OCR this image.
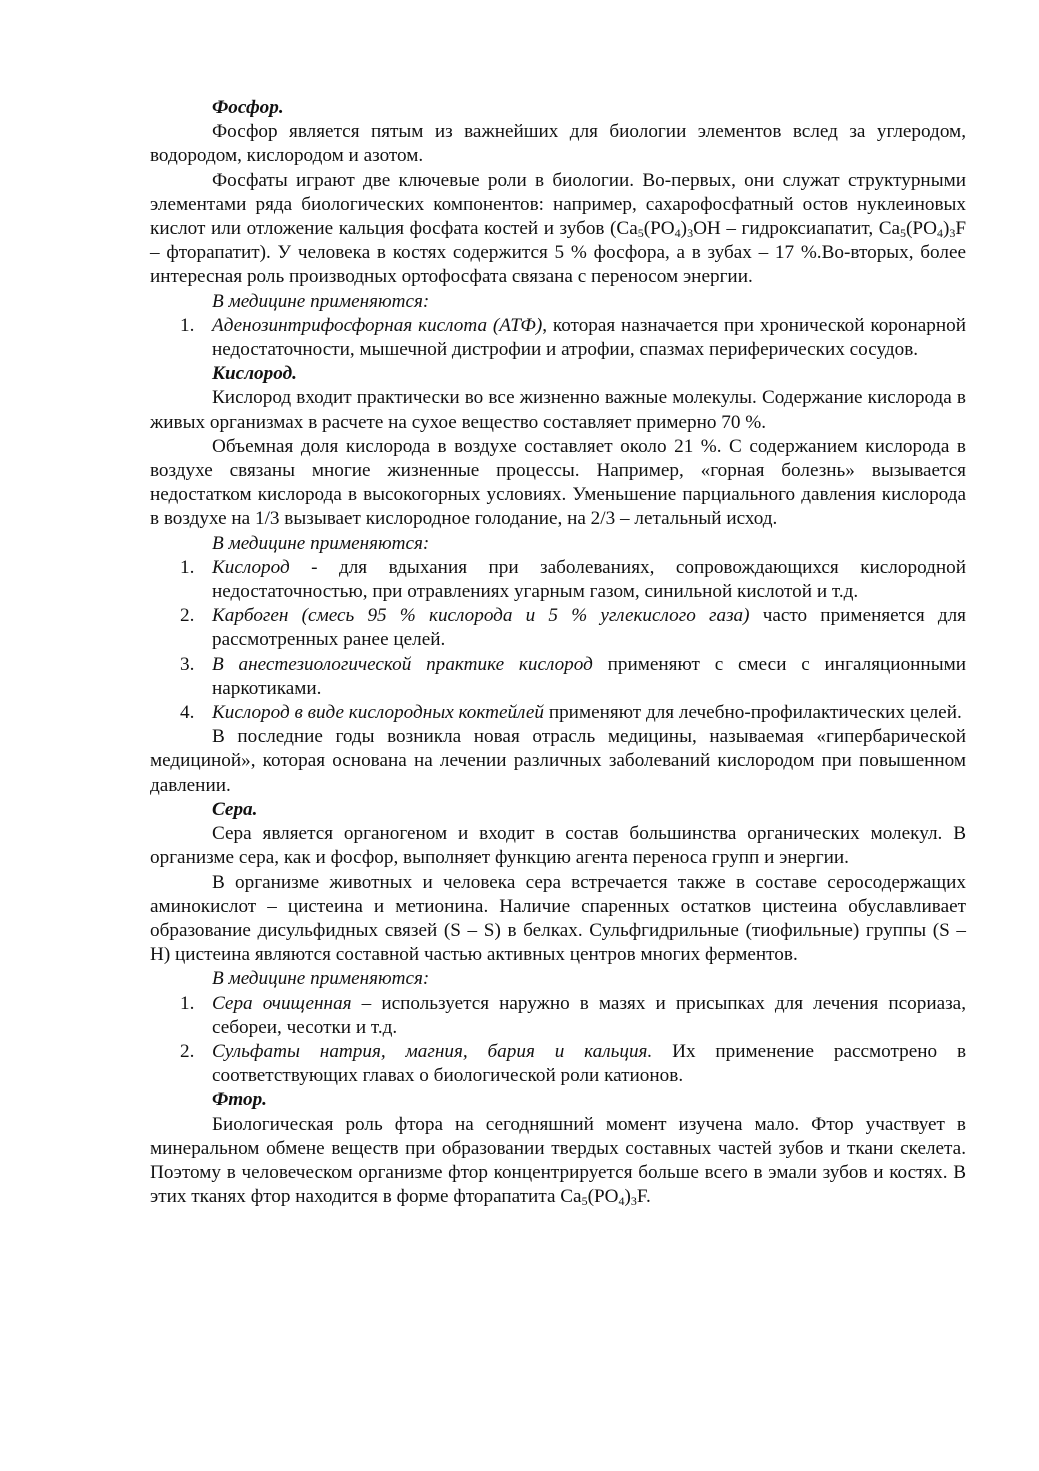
Фосфор.

Фосфор является пятым из важнейших для биологии элементов вслед за углеродом, водородом, кислородом и азотом.

Фосфаты играют две ключевые роли в биологии. Во-первых, они служат структурными элементами ряда биологических компонентов: например, сахарофосфатный остов нуклеиновых кислот или отложение кальция фосфата костей и зубов ($Ca_5(PO_4)_3OH$ – гидроксиапатит, $Ca_5(PO_4)_3F$ – фторапатит). У человека в костях содержится 5 % фосфора, а в зубах – 17 %.Во-вторых, более интересная роль производных ортофосфата связана с переносом энергии.

В медицине применяются:

1. Аденозинтрифосфорная кислота (АТФ), которая назначается при хронической коронарной недостаточности, мышечной дистрофии и атрофии, спазмах периферических сосудов.

Кислород.

Кислород входит практически во все жизненно важные молекулы. Содержание кислорода в живых организмах в расчете на сухое вещество составляет примерно 70 %.

Объемная доля кислорода в воздухе составляет около 21 %. С содержанием кислорода в воздухе связаны многие жизненные процессы. Например, «горная болезнь» вызывается недостатком кислорода в высокогорных условиях. Уменьшение парциального давления кислорода в воздухе на 1/3 вызывает кислородное голодание, на 2/3 – летальный исход.

В медицине применяются:

1. Кислород - для вдыхания при заболеваниях, сопровождающихся кислородной недостаточностью, при отравлениях угарным газом, синильной кислотой и т.д.
2. Карбоген (смесь 95 % кислорода и 5 % углекислого газа) часто применяется для рассмотренных ранее целей.
3. В анестезиологической практике кислород применяют с смеси с ингаляционными наркотиками.
4. Кислород в виде кислородных коктейлей применяют для лечебно-профилактических целей.

В последние годы возникла новая отрасль медицины, называемая «гипербарической медициной», которая основана на лечении различных заболеваний кислородом при повышенном давлении.

Сера.

Сера является органогеном и входит в состав большинства органических молекул. В организме сера, как и фосфор, выполняет функцию агента переноса групп и энергии.

В организме животных и человека сера встречается также в составе серосодержащих аминокислот – цистеина и метионина. Наличие спаренных остатков цистеина обуславливает образование дисульфидных связей (S – S) в белках. Сульфгидрильные (тиофильные) группы (S – H) цистеина являются составной частью активных центров многих ферментов.

В медицине применяются:

1. Сера очищенная – используется наружно в мазях и присыпках для лечения псориаза, себореи, чесотки и т.д.
2. Сульфаты натрия, магния, бария и кальция. Их применение рассмотрено в соответствующих главах о биологической роли катионов.

Фтор.

Биологическая роль фтора на сегодняшний момент изучена мало. Фтор участвует в минеральном обмене веществ при образовании твердых составных частей зубов и ткани скелета. Поэтому в человеческом организме фтор концентрируется больше всего в эмали зубов и костях. В этих тканях фтор находится в форме фторапатита $Ca_5(PO_4)_3F$.
